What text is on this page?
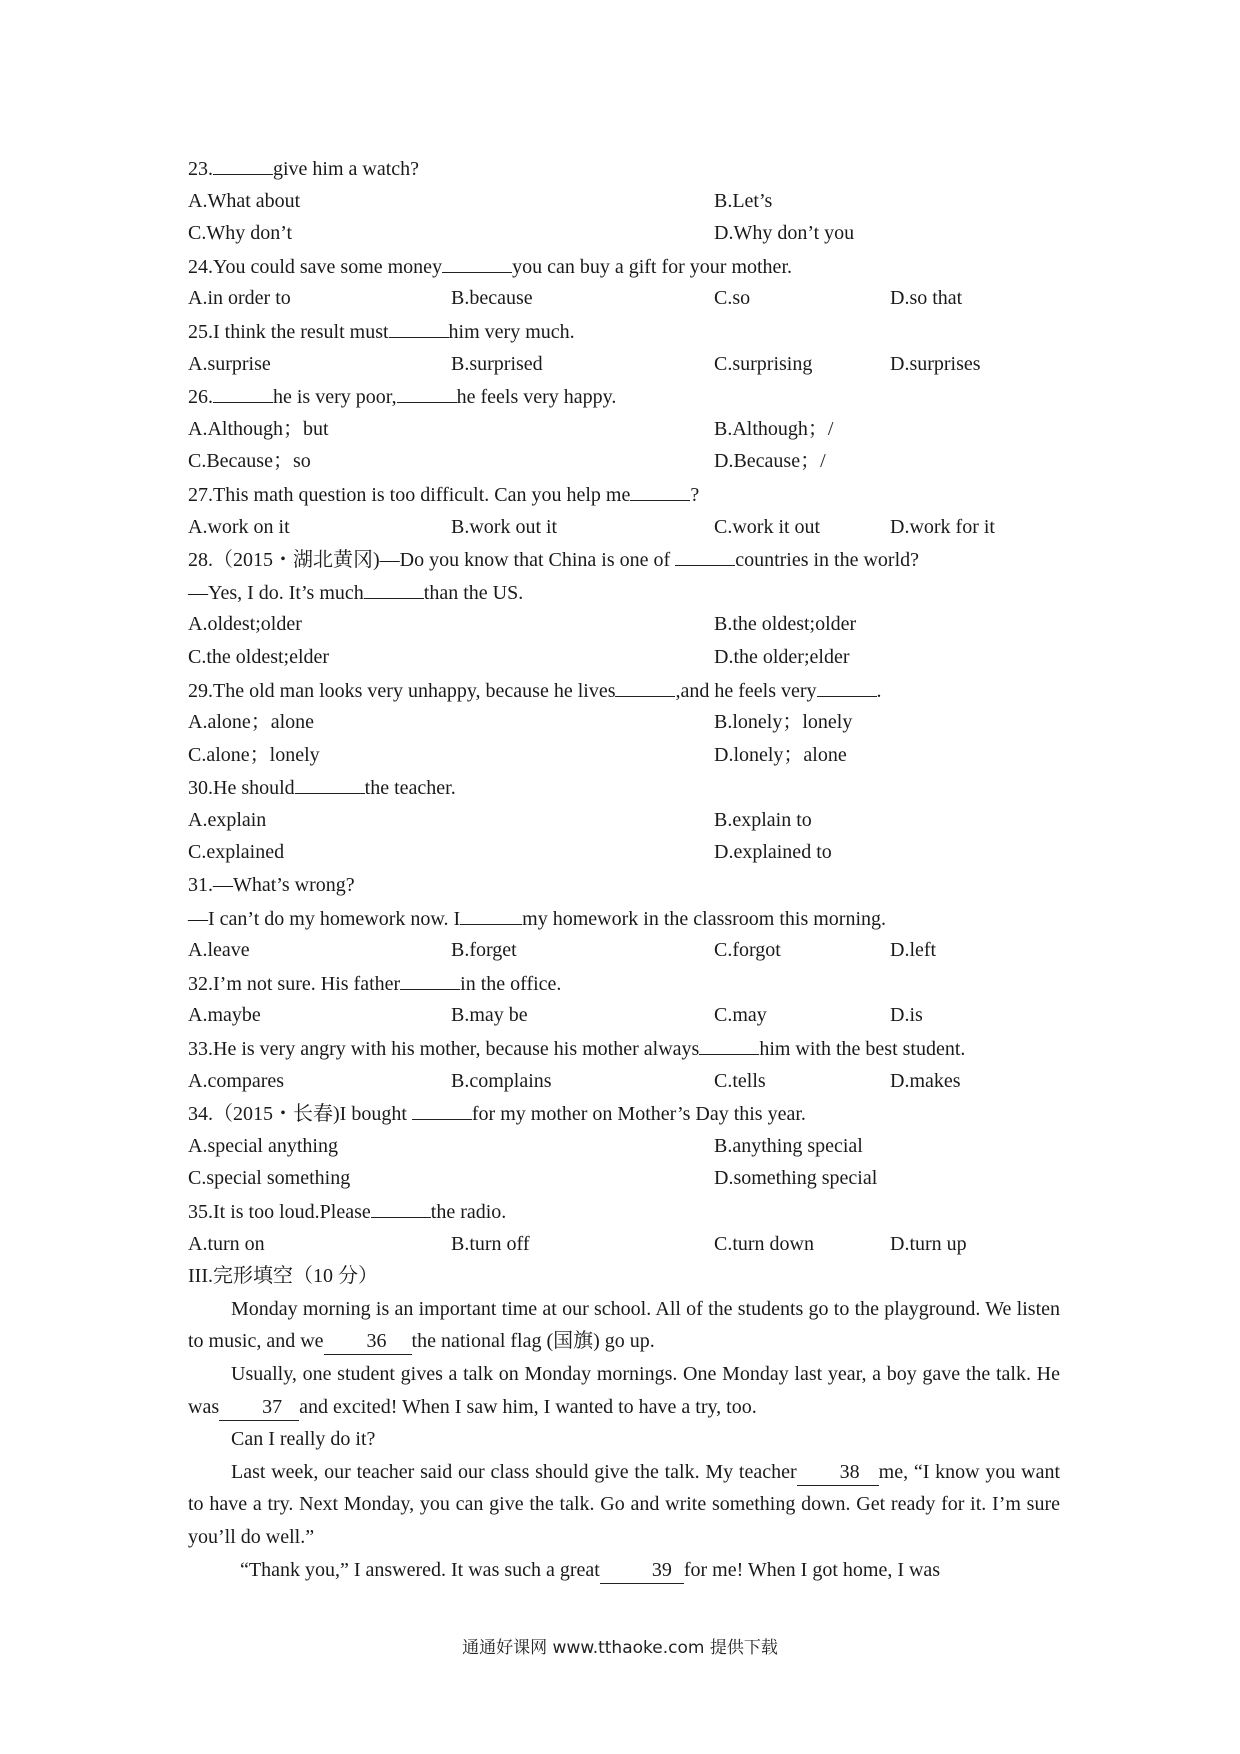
23.	give him a watch?
A.What about	B.Let’s
C.Why don’t	D.Why don’t you
24.You could save some money	you can buy a gift for your mother.
A.in order to	B.because	C.so	D.so that
25.I think the result must	him very much.
A.surprise	B.surprised	C.surprising	D.surprises
26.	he is very poor,	he feels very happy.
A.Although；but	B.Although；/
C.Because；so	D.Because；/
27.This math question is too difficult. Can you help me	?
A.work on it	B.work out it	C.work it out	D.work for it
28.（2015・湖北黄冈)—Do you know that China is one of	countries in the world?
—Yes, I do. It’s much	than the US.
A.oldest;older	B.the oldest;older
C.the oldest;elder	D.the older;elder
29.The old man looks very unhappy, because he lives	,and he feels very	.
A.alone；alone	B.lonely；lonely
C.alone；lonely	D.lonely；alone
30.He should	the teacher.
A.explain	B.explain to
C.explained	D.explained to
31.—What’s wrong?
—I can’t do my homework now. I	my homework in the classroom this morning.
A.leave	B.forget	C.forgot	D.left
32.I’m not sure. His father	in the office.
A.maybe	B.may be	C.may	D.is
33.He is very angry with his mother, because his mother always	him with the best student.
A.compares	B.complains	C.tells	D.makes
34.（2015・长春)I bought	for my mother on Mother’s Day this year.
A.special anything	B.anything special
C.special something	D.something special
35.It is too loud.Please	the radio.
A.turn on	B.turn off	C.turn down	D.turn up
III.完形填空（10 分）
Monday morning is an important time at our school. All of the students go to the playground. We listen to music, and we 36 the national flag (国旗) go up.
Usually, one student gives a talk on Monday mornings. One Monday last year, a boy gave the talk. He was 37 and excited! When I saw him, I wanted to have a try, too.
Can I really do it?
Last week, our teacher said our class should give the talk. My teacher 38 me, “I know you want to have a try. Next Monday, you can give the talk. Go and write something down. Get ready for it. I’m sure you’ll do well.”
“Thank you,” I answered. It was such a great	39 for me! When I got home, I was
通通好课网 www.tthaoke.com 提供下载
